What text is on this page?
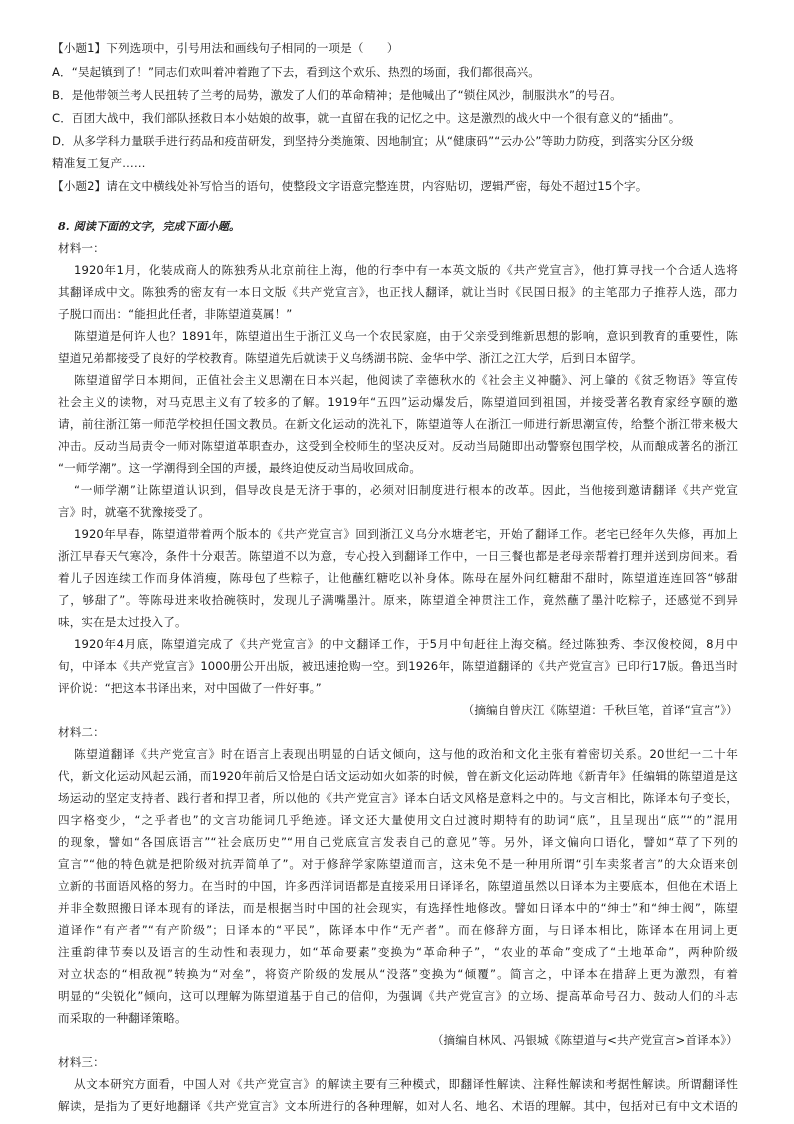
【小题1】下列选项中，引号用法和画线句子相同的一项是（　　）
A．“吴起镇到了！”同志们欢叫着冲着跑了下去，看到这个欢乐、热烈的场面，我们都很高兴。
B．是他带领兰考人民扭转了兰考的局势，激发了人们的革命精神；是他喊出了“锁住风沙，制服洪水”的号召。
C．百团大战中，我们部队拯救日本小姑娘的故事，就一直留在我的记忆之中。这是激烈的战火中一个很有意义的“插曲”。
D．从多学科力量联手进行药品和疫苗研发，到坚持分类施策、因地制宜；从“健康码”“云办公”等助力防疫，到落实分区分级
精准复工复产……
【小题2】请在文中横线处补写恰当的语句，使整段文字语意完整连贯，内容贴切，逻辑严密，每处不超过15个字。
8. 阅读下面的文字，完成下面小题。
材料一：
1920年1月，化装成商人的陈独秀从北京前往上海，他的行李中有一本英文版的《共产党宣言》，他打算寻找一个合适人选将
其翻译成中文。陈独秀的密友有一本日文版《共产党宣言》，也正找人翻译，就让当时《民国日报》的主笔邵力子推荐人选，邵力
子脱口而出：“能担此任者，非陈望道莫属！”
陈望道是何许人也？1891年，陈望道出生于浙江义乌一个农民家庭，由于父亲受到维新思想的影响，意识到教育的重要性，陈
望道兄弟都接受了良好的学校教育。陈望道先后就读于义乌绣湖书院、金华中学、浙江之江大学，后到日本留学。
陈望道留学日本期间，正值社会主义思潮在日本兴起，他阅读了幸德秋水的《社会主义神髓》、河上肇的《贫乏物语》等宣传
社会主义的读物，对马克思主义有了较多的了解。1919年“五四”运动爆发后，陈望道回到祖国，并接受著名教育家经亨颐的邀
请，前往浙江第一师范学校担任国文教员。在新文化运动的洗礼下，陈望道等人在浙江一师进行新思潮宣传，给整个浙江带来极大
冲击。反动当局责令一师对陈望道革职查办，这受到全校师生的坚决反对。反动当局随即出动警察包围学校，从而酿成著名的浙江
“一师学潮”。这一学潮得到全国的声援，最终迫使反动当局收回成命。
“一师学潮”让陈望道认识到，倡导改良是无济于事的，必须对旧制度进行根本的改革。因此，当他接到邀请翻译《共产党宣
言》时，就毫不犹豫接受了。
1920年早春，陈望道带着两个版本的《共产党宣言》回到浙江义乌分水塘老宅，开始了翻译工作。老宅已经年久失修，再加上
浙江早春天气寒冷，条件十分艰苦。陈望道不以为意，专心投入到翻译工作中，一日三餐也都是老母亲帮着打理并送到房间来。看
着儿子因连续工作而身体消瘦，陈母包了些粽子，让他蘸红糖吃以补身体。陈母在屋外问红糖甜不甜时，陈望道连连回答“够甜
了，够甜了”。等陈母进来收拾碗筷时，发现儿子满嘴墨汁。原来，陈望道全神贯注工作，竟然蘸了墨汁吃粽子，还感觉不到异
味，实在是太过投入了。
1920年4月底，陈望道完成了《共产党宣言》的中文翻译工作，于5月中旬赶往上海交稿。经过陈独秀、李汉俊校阅，8月中
旬，中译本《共产党宣言》1000册公开出版，被迅速抢购一空。到1926年，陈望道翻译的《共产党宣言》已印行17版。鲁迅当时
评价说：“把这本书译出来，对中国做了一件好事。”
（摘编自曾庆江《陈望道：千秋巨笔，首译“宣言”》）
材料二：
陈望道翻译《共产党宣言》时在语言上表现出明显的白话文倾向，这与他的政治和文化主张有着密切关系。20世纪一二十年
代，新文化运动风起云涌，而1920年前后又恰是白话文运动如火如荼的时候，曾在新文化运动阵地《新青年》任编辑的陈望道是这
场运动的坚定支持者、践行者和捍卫者，所以他的《共产党宣言》译本白话文风格是意料之中的。与文言相比，陈译本句子变长，
四字格变少，“之乎者也”的文言功能词几乎绝迹。译文还大量使用文白过渡时期特有的助词“底”，且呈现出“底”“的”混用
的现象，譬如“各国底语言”“社会底历史”“用自己党底宣言发表自己的意见”等。另外，译文偏向口语化，譬如“草了下列的
宣言”“他的特色就是把阶级对抗弄简单了”。对于修辞学家陈望道而言，这未免不是一种用所谓“引车卖浆者言”的大众语来创
立新的书面语风格的努力。在当时的中国，许多西洋词语都是直接采用日译译名，陈望道虽然以日译本为主要底本，但他在术语上
并非全数照搬日译本现有的译法，而是根据当时中国的社会现实，有选择性地修改。譬如日译本中的“绅士”和“绅士阀”，陈望
道译作“有产者”“有产阶级”；日译本的“平民”，陈译本中作“无产者”。而在修辞方面，与日译本相比，陈译本在用词上更
注重韵律节奏以及语言的生动性和表现力，如“革命要素”变换为“革命种子”，“农业的革命”变成了“土地革命”，两种阶级
对立状态的“相敌视”转换为“对垒”，将资产阶级的发展从“没落”变换为“倾覆”。简言之，中译本在措辞上更为激烈，有着
明显的“尖锐化”倾向，这可以理解为陈望道基于自己的信仰，为强调《共产党宣言》的立场、提高革命号召力、鼓动人们的斗志
而采取的一种翻译策略。
（摘编自林风、冯银城《陈望道与<共产党宣言>首译本》）
材料三：
从文本研究方面看，中国人对《共产党宣言》的解读主要有三种模式，即翻译性解读、注释性解读和考据性解读。所谓翻译性
解读，是指为了更好地翻译《共产党宣言》文本所进行的各种理解，如对人名、地名、术语的理解。其中，包括对已有中文术语的
